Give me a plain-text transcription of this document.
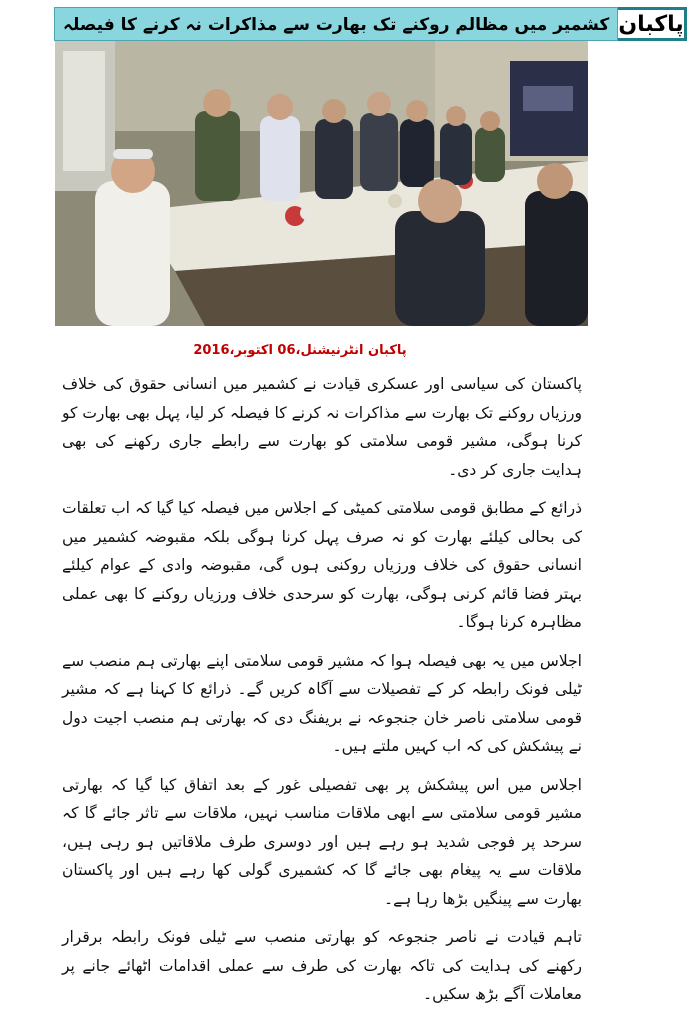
کشمیر میں مظالم روکنے تک بھارت سے مذاکرات نہ کرنے کا فیصلہ پاکبان
پاکبان انٹرنیشنل،06 اکتوبر،2016

پاکستان کی سیاسی اور عسکری قیادت نے کشمیر میں انسانی حقوق کی خلاف ورزیاں روکنے تک بھارت سے مذاکرات نہ کرنے کا فیصلہ کر لیا، پہل بھی بھارت کو کرنا ہوگی، مشیر قومی سلامتی کو بھارت سے رابطے جاری رکھنے کی بھی ہدایت جاری کر دی۔

ذرائع کے مطابق قومی سلامتی کمیٹی کے اجلاس میں فیصلہ کیا گیا کہ اب تعلقات کی بحالی کیلئے بھارت کو نہ صرف پہل کرنا ہوگی بلکہ مقبوضہ کشمیر میں انسانی حقوق کی خلاف ورزیاں روکنی ہوں گی، مقبوضہ وادی کے عوام کیلئے بہتر فضا قائم کرنی ہوگی، بھارت کو سرحدی خلاف ورزیاں روکنے کا بھی عملی مظاہرہ کرنا ہوگا۔

اجلاس میں یہ بھی فیصلہ ہوا کہ مشیر قومی سلامتی اپنے بھارتی ہم منصب سے ٹیلی فونک رابطہ کر کے تفصیلات سے آگاہ کریں گے۔ ذرائع کا کہنا ہے کہ مشیر قومی سلامتی ناصر خان جنجوعہ نے بریفنگ دی کہ بھارتی ہم منصب اجیت دول نے پیشکش کی کہ اب کہیں ملتے ہیں۔

اجلاس میں اس پیشکش پر بھی تفصیلی غور کے بعد اتفاق کیا گیا کہ بھارتی مشیر قومی سلامتی سے ابھی ملاقات مناسب نہیں، ملاقات سے تاثر جائے گا کہ سرحد پر فوجی شدید ہو رہے ہیں اور دوسری طرف ملاقاتیں ہو رہی ہیں، ملاقات سے یہ پیغام بھی جائے گا کہ کشمیری گولی کھا رہے ہیں اور پاکستان بھارت سے پینگیں بڑھا رہا ہے۔

تاہم قیادت نے ناصر جنجوعہ کو بھارتی منصب سے ٹیلی فونک رابطہ برقرار رکھنے کی ہدایت کی تاکہ بھارت کی طرف سے عملی اقدامات اٹھائے جانے پر معاملات آگے بڑھ سکیں۔
